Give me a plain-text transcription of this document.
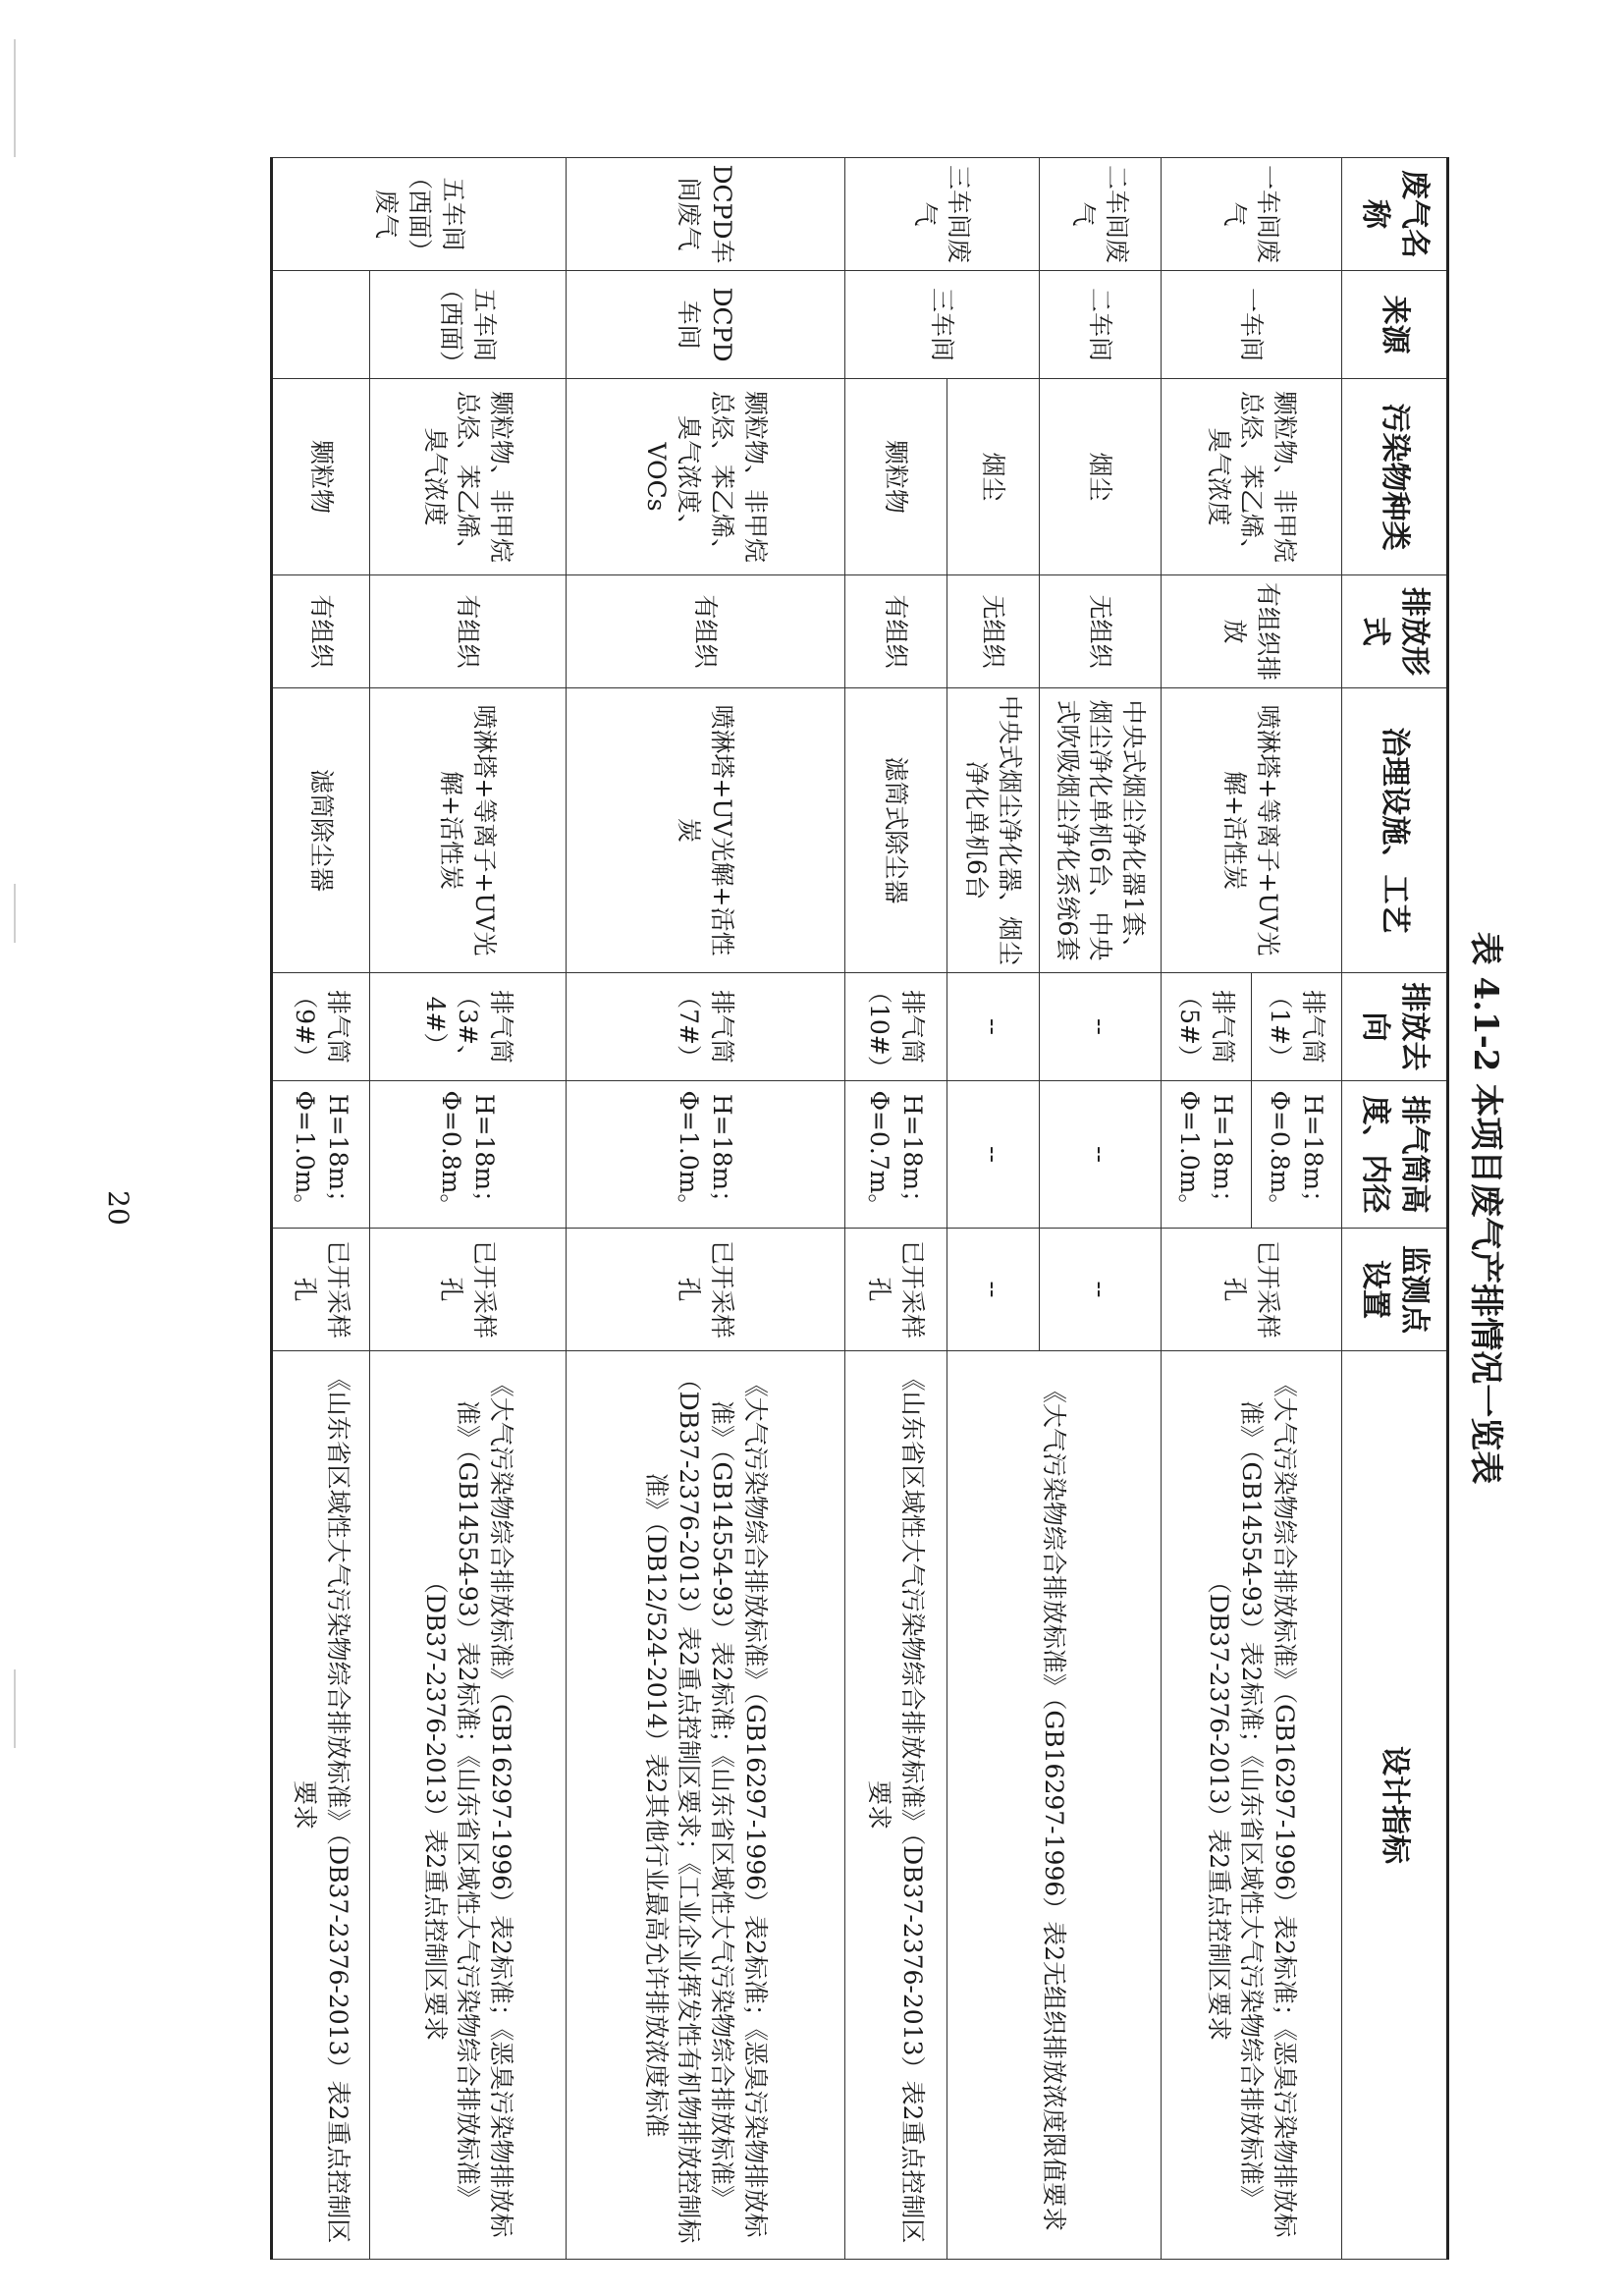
表 4.1-2 本项目废气产排情况一览表
废气名称	来源	污染物种类	排放形式	治理设施、工艺	排放去向	排气筒高度、内径	监测点设置	设计指标
一车间废气	一车间	颗粒物、非甲烷总烃、苯乙烯、臭气浓度	有组织排放	喷淋塔+等离子+UV光解+活性炭	排气筒（1#）	H=18m；Φ=0.8m。	已开采样孔	《大气污染物综合排放标准》（GB16297-1996）表2标准；《恶臭污染物排放标准》（GB14554-93）表2标准；《山东省区域性大气污染物综合排放标准》（DB37-2376-2013）表2重点控制区要求
					排气筒（5#）	H=18m；Φ=1.0m。		
二车间废气	二车间	烟尘	无组织	中央式烟尘净化器1套、烟尘净化单机6台、中央式吹吸烟尘净化系统6套	--	--	--	《大气污染物综合排放标准》（GB16297-1996）表2无组织排放浓度限值要求
三车间废气	三车间	烟尘	无组织	中央式烟尘净化器、烟尘净化单机6台	--	--	--	
		颗粒物	有组织	滤筒式除尘器	排气筒（10#）	H=18m；Φ=0.7m。	已开采样孔	《山东省区域性大气污染物综合排放标准》（DB37-2376-2013）表2重点控制区要求
DCPD车间废气	DCPD车间	颗粒物、非甲烷总烃、苯乙烯、臭气浓度、VOCs	有组织	喷淋塔+UV光解+活性炭	排气筒（7#）	H=18m；Φ=1.0m。	已开采样孔	《大气污染物综合排放标准》（GB16297-1996）表2标准；《恶臭污染物排放标准》（GB14554-93）表2标准；《山东省区域性大气污染物综合排放标准》（DB37-2376-2013）表2重点控制区要求；《工业企业挥发性有机物排放控制标准》（DB12/524-2014）表2其他行业最高允许排放浓度标准
五车间（西面）废气	五车间（西面）	颗粒物、非甲烷总烃、苯乙烯、臭气浓度	有组织	喷淋塔+等离子+UV光解+活性炭	排气筒（3#、4#）	H=18m；Φ=0.8m。	已开采样孔	《大气污染物综合排放标准》（GB16297-1996）表2标准；《恶臭污染物排放标准》（GB14554-93）表2标准；《山东省区域性大气污染物综合排放标准》（DB37-2376-2013）表2重点控制区要求
		颗粒物	有组织	滤筒除尘器	排气筒（9#）	H=18m；Φ=1.0m。	已开采样孔	《山东省区域性大气污染物综合排放标准》（DB37-2376-2013）表2重点控制区要求
20
